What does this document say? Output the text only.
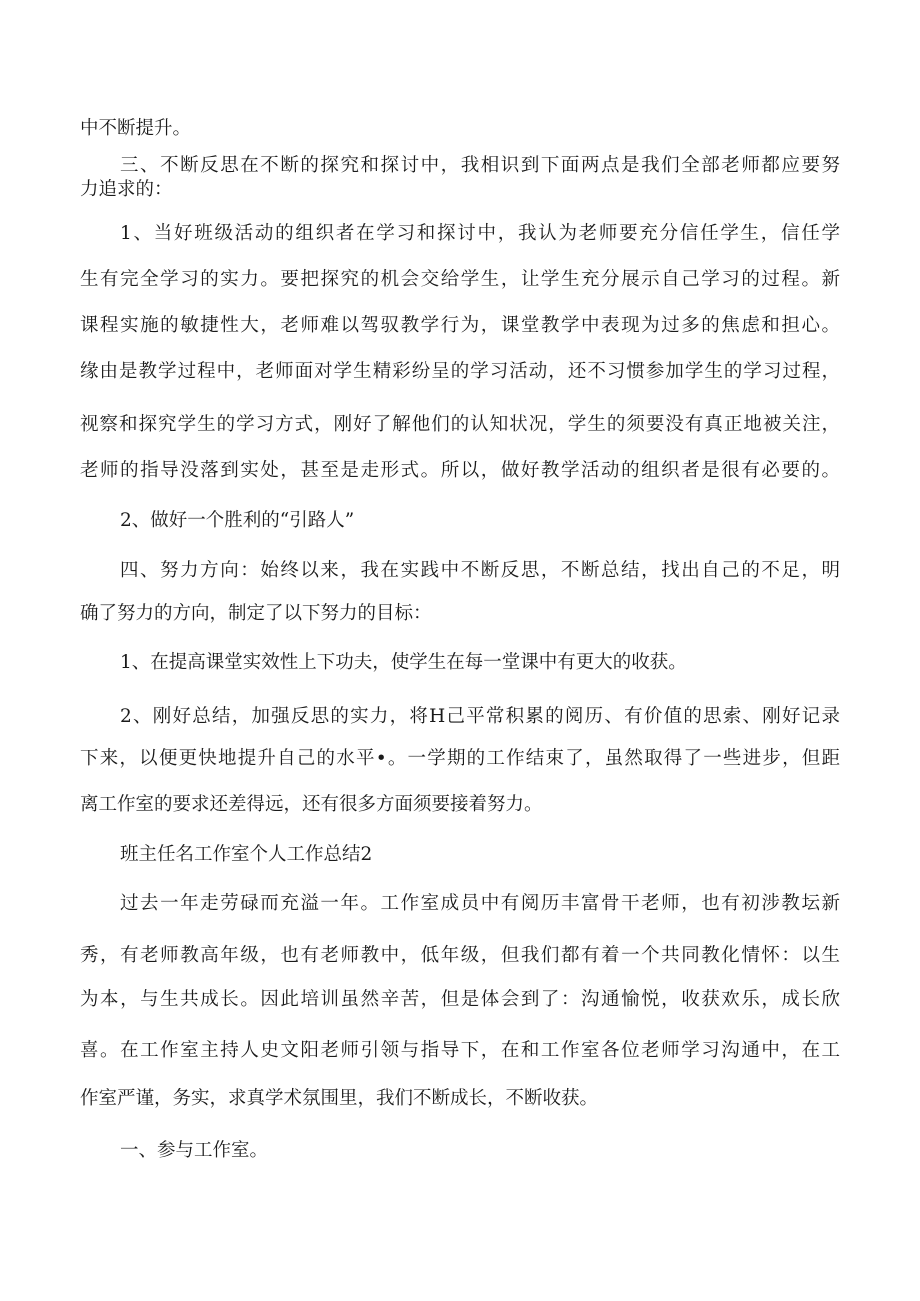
中不断提升。
三、不断反思在不断的探究和探讨中，我相识到下面两点是我们全部老师都应要努
力追求的：
1、当好班级活动的组织者在学习和探讨中，我认为老师要充分信任学生，信任学
生有完全学习的实力。要把探究的机会交给学生，让学生充分展示自己学习的过程。新
课程实施的敏捷性大，老师难以驾驭教学行为，课堂教学中表现为过多的焦虑和担心。
缘由是教学过程中，老师面对学生精彩纷呈的学习活动，还不习惯参加学生的学习过程，
视察和探究学生的学习方式，刚好了解他们的认知状况，学生的须要没有真正地被关注，
老师的指导没落到实处，甚至是走形式。所以，做好教学活动的组织者是很有必要的。
2、做好一个胜利的“引路人”
四、努力方向：始终以来，我在实践中不断反思，不断总结，找出自己的不足，明
确了努力的方向，制定了以下努力的目标：
1、在提高课堂实效性上下功夫，使学生在每一堂课中有更大的收获。
2、刚好总结，加强反思的实力，将H己平常积累的阅历、有价值的思索、刚好记录
下来，以便更快地提升自己的水平•。一学期的工作结束了，虽然取得了一些进步，但距
离工作室的要求还差得远，还有很多方面须要接着努力。
班主任名工作室个人工作总结2
过去一年走劳碌而充溢一年。工作室成员中有阅历丰富骨干老师，也有初涉教坛新
秀，有老师教高年级，也有老师教中，低年级，但我们都有着一个共同教化情怀：以生
为本，与生共成长。因此培训虽然辛苦，但是体会到了：沟通愉悦，收获欢乐，成长欣
喜。在工作室主持人史文阳老师引领与指导下，在和工作室各位老师学习沟通中，在工
作室严谨，务实，求真学术氛围里，我们不断成长，不断收获。
一、参与工作室。
